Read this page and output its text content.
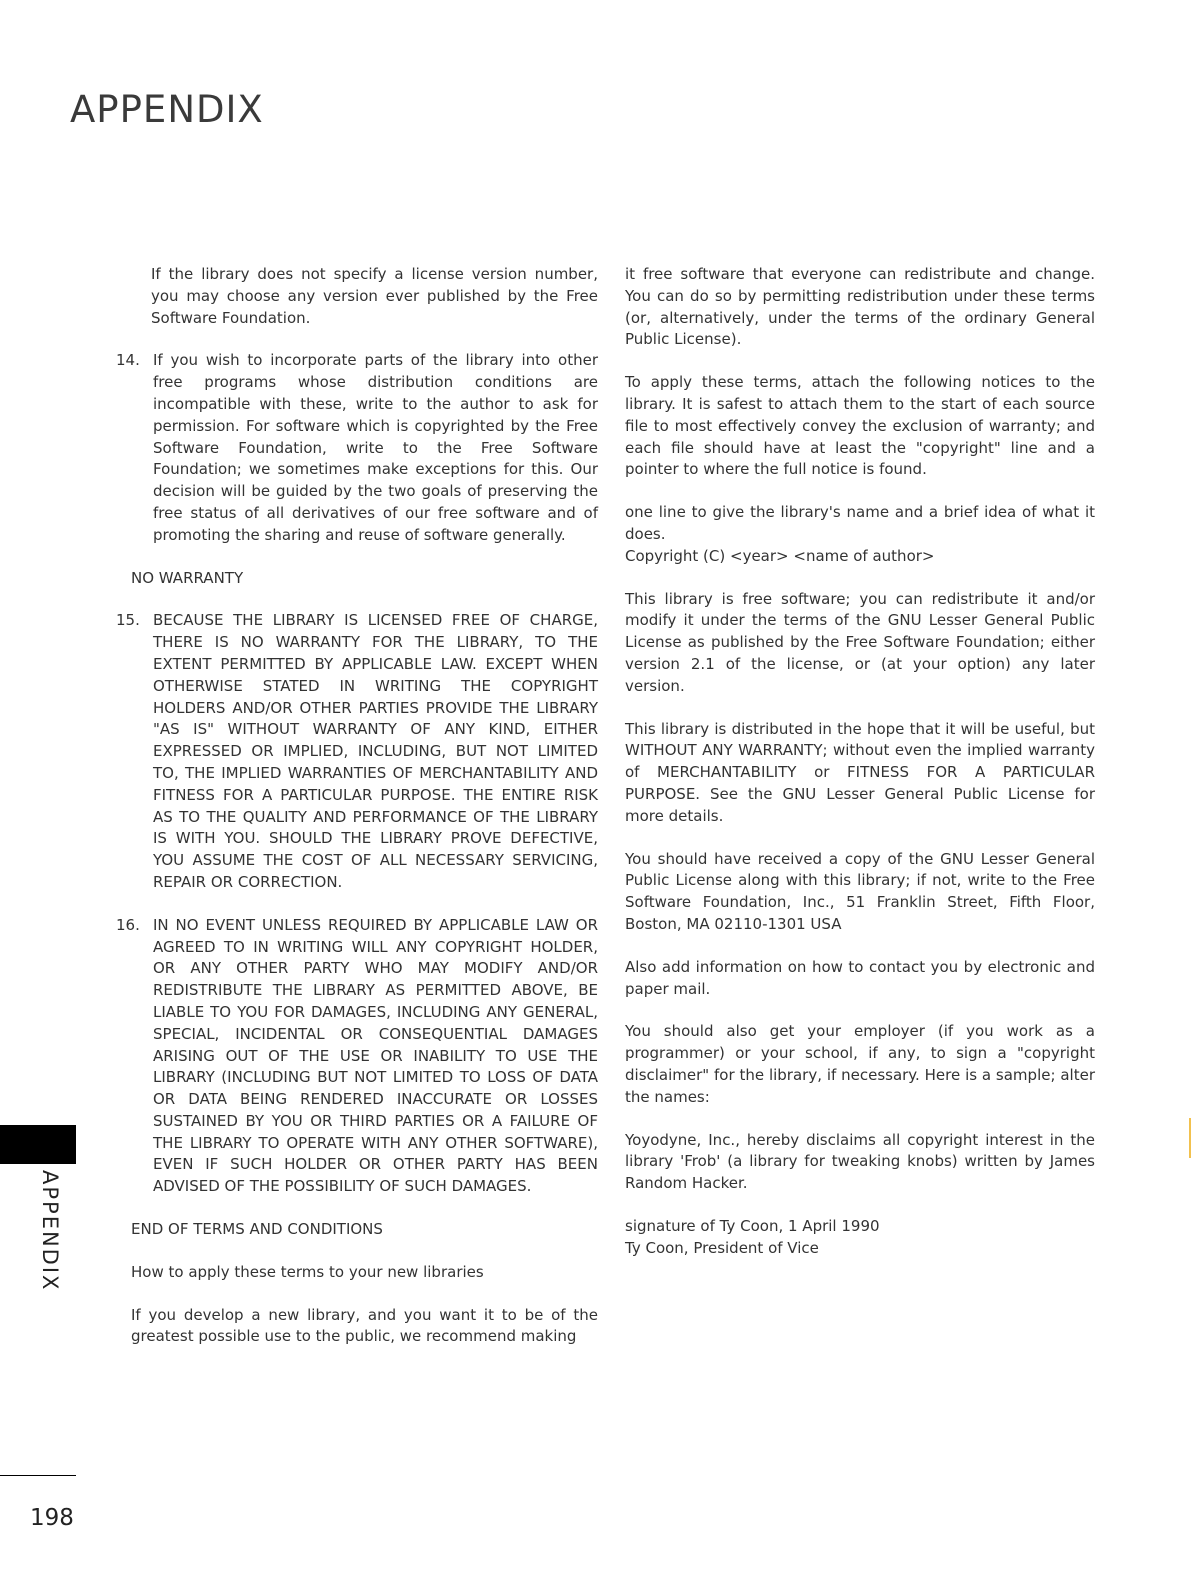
APPENDIX

If the library does not specify a license version number, you may choose any version ever published by the Free Software Foundation.

14. If you wish to incorporate parts of the library into other free programs whose distribution conditions are incompatible with these, write to the author to ask for permission. For software which is copyrighted by the Free Software Foundation, write to the Free Software Foundation; we sometimes make exceptions for this. Our decision will be guided by the two goals of preserving the free status of all derivatives of our free software and of promoting the sharing and reuse of software generally.

NO WARRANTY

15. BECAUSE THE LIBRARY IS LICENSED FREE OF CHARGE, THERE IS NO WARRANTY FOR THE LIBRARY, TO THE EXTENT PERMITTED BY APPLICABLE LAW. EXCEPT WHEN OTHERWISE STATED IN WRITING THE COPYRIGHT HOLDERS AND/OR OTHER PARTIES PROVIDE THE LIBRARY "AS IS" WITHOUT WARRANTY OF ANY KIND, EITHER EXPRESSED OR IMPLIED, INCLUDING, BUT NOT LIMITED TO, THE IMPLIED WARRANTIES OF MERCHANTABILITY AND FITNESS FOR A PARTICULAR PURPOSE. THE ENTIRE RISK AS TO THE QUALITY AND PERFORMANCE OF THE LIBRARY IS WITH YOU. SHOULD THE LIBRARY PROVE DEFECTIVE, YOU ASSUME THE COST OF ALL NECESSARY SERVICING, REPAIR OR CORRECTION.
16. IN NO EVENT UNLESS REQUIRED BY APPLICABLE LAW OR AGREED TO IN WRITING WILL ANY COPYRIGHT HOLDER, OR ANY OTHER PARTY WHO MAY MODIFY AND/OR REDISTRIBUTE THE LIBRARY AS PERMITTED ABOVE, BE LIABLE TO YOU FOR DAMAGES, INCLUDING ANY GENERAL, SPECIAL, INCIDENTAL OR CONSEQUENTIAL DAMAGES ARISING OUT OF THE USE OR INABILITY TO USE THE LIBRARY (INCLUDING BUT NOT LIMITED TO LOSS OF DATA OR DATA BEING RENDERED INACCURATE OR LOSSES SUSTAINED BY YOU OR THIRD PARTIES OR A FAILURE OF THE LIBRARY TO OPERATE WITH ANY OTHER SOFTWARE), EVEN IF SUCH HOLDER OR OTHER PARTY HAS BEEN ADVISED OF THE POSSIBILITY OF SUCH DAMAGES.

END OF TERMS AND CONDITIONS

How to apply these terms to your new libraries

If you develop a new library, and you want it to be of the greatest possible use to the public, we recommend making

it free software that everyone can redistribute and change. You can do so by permitting redistribution under these terms (or, alternatively, under the terms of the ordinary General Public License).

To apply these terms, attach the following notices to the library. It is safest to attach them to the start of each source file to most effectively convey the exclusion of warranty; and each file should have at least the "copyright" line and a pointer to where the full notice is found.

one line to give the library's name and a brief idea of what it does.

Copyright (C) <year> <name of author>

This library is free software; you can redistribute it and/or modify it under the terms of the GNU Lesser General Public License as published by the Free Software Foundation; either version 2.1 of the license, or (at your option) any later version.

This library is distributed in the hope that it will be useful, but WITHOUT ANY WARRANTY; without even the implied warranty of MERCHANTABILITY or FITNESS FOR A PARTICULAR PURPOSE. See the GNU Lesser General Public License for more details.

You should have received a copy of the GNU Lesser General Public License along with this library; if not, write to the Free Software Foundation, Inc., 51 Franklin Street, Fifth Floor, Boston, MA 02110-1301 USA

Also add information on how to contact you by electronic and paper mail.

You should also get your employer (if you work as a programmer) or your school, if any, to sign a "copyright disclaimer" for the library, if necessary. Here is a sample; alter the names:

Yoyodyne, Inc., hereby disclaims all copyright interest in the library 'Frob' (a library for tweaking knobs) written by James Random Hacker.

signature of Ty Coon, 1 April 1990

Ty Coon, President of Vice

APPENDIX
198
